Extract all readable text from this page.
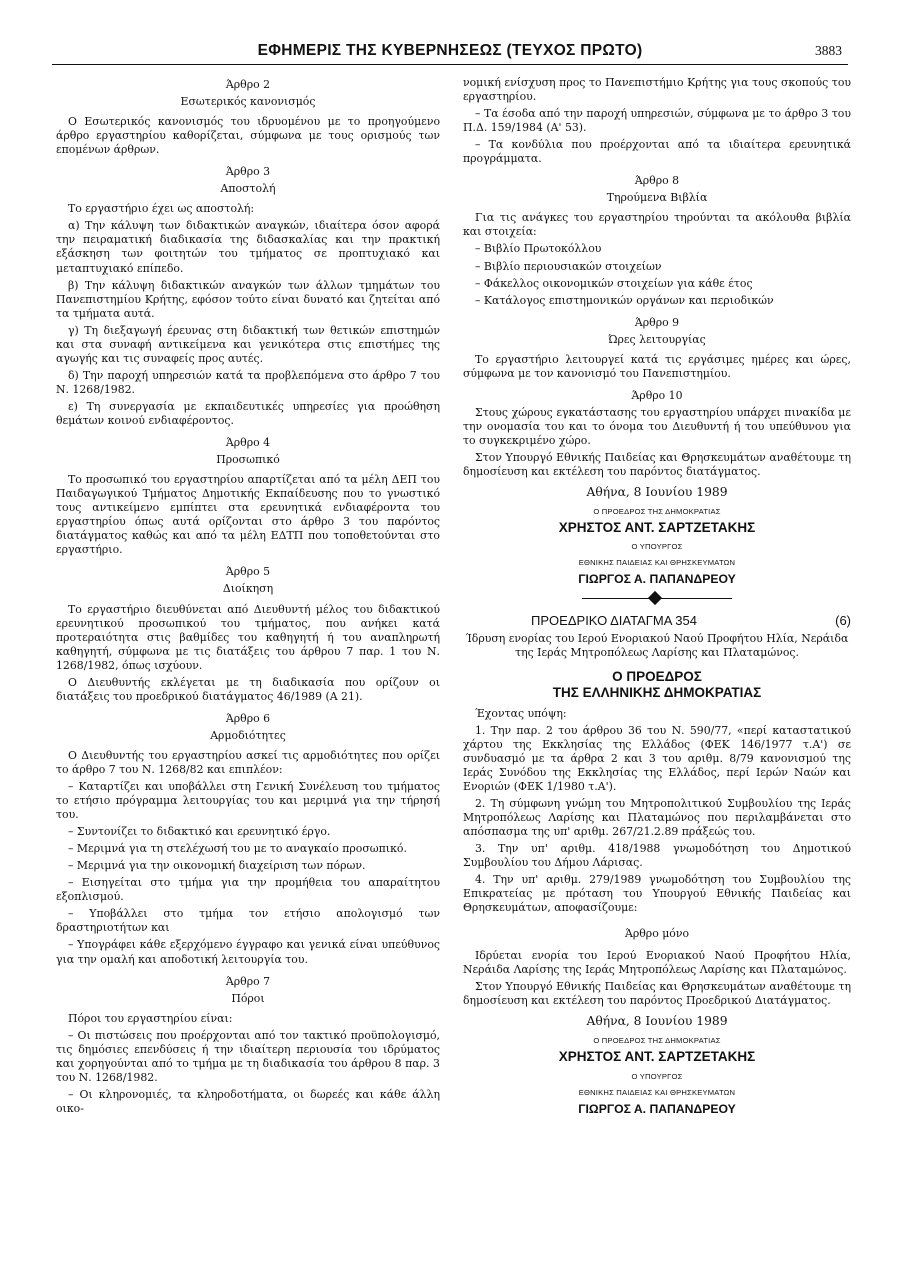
ΕΦΗΜΕΡΙΣ ΤΗΣ ΚΥΒΕΡΝΗΣΕΩΣ (ΤΕΥΧΟΣ ΠΡΩΤΟ)	3883
Άρθρο 2
Εσωτερικός κανονισμός

Ο Εσωτερικός κανονισμός του ιδρυομένου με το προηγούμενο άρθρο εργαστηρίου καθορίζεται, σύμφωνα με τους ορισμούς των επομένων άρθρων.

Άρθρο 3
Αποστολή

Το εργαστήριο έχει ως αποστολή:

α) Την κάλυψη των διδακτικών αναγκών, ιδιαίτερα όσον αφορά την πειραματική διαδικασία της διδασκαλίας και την πρακτική εξάσκηση των φοιτητών του τμήματος σε προπτυχιακό και μεταπτυχιακό επίπεδο.

β) Την κάλυψη διδακτικών αναγκών των άλλων τμημάτων του Πανεπιστημίου Κρήτης, εφόσον τούτο είναι δυνατό και ζητείται από τα τμήματα αυτά.

γ) Τη διεξαγωγή έρευνας στη διδακτική των θετικών επιστημών και στα συναφή αντικείμενα και γενικότερα στις επιστήμες της αγωγής και τις συναφείς προς αυτές.

δ) Την παροχή υπηρεσιών κατά τα προβλεπόμενα στο άρθρο 7 του Ν. 1268/1982.

ε) Τη συνεργασία με εκπαιδευτικές υπηρεσίες για προώθηση θεμάτων κοινού ενδιαφέροντος.

Άρθρο 4
Προσωπικό

Το προσωπικό του εργαστηρίου απαρτίζεται από τα μέλη ΔΕΠ του Παιδαγωγικού Τμήματος Δημοτικής Εκπαίδευσης που το γνωστικό τους αντικείμενο εμπίπτει στα ερευνητικά ενδιαφέροντα του εργαστηρίου όπως αυτά ορίζονται στο άρθρο 3 του παρόντος διατάγματος καθώς και από τα μέλη ΕΔΤΠ που τοποθετούνται στο εργαστήριο.

Άρθρο 5
Διοίκηση

Το εργαστήριο διευθύνεται από Διευθυντή μέλος του διδακτικού ερευνητικού προσωπικού του τμήματος, που ανήκει κατά προτεραιότητα στις βαθμίδες του καθηγητή ή του αναπληρωτή καθηγητή, σύμφωνα με τις διατάξεις του άρθρου 7 παρ. 1 του Ν. 1268/1982, όπως ισχύουν.

Ο Διευθυντής εκλέγεται με τη διαδικασία που ορίζουν οι διατάξεις του προεδρικού διατάγματος 46/1989 (Α 21).

Άρθρο 6
Αρμοδιότητες

Ο Διευθυντής του εργαστηρίου ασκεί τις αρμοδιότητες που ορίζει το άρθρο 7 του Ν. 1268/82 και επιπλέον:

– Καταρτίζει και υποβάλλει στη Γενική Συνέλευση του τμήματος το ετήσιο πρόγραμμα λειτουργίας του και μεριμνά για την τήρησή του.

– Συντονίζει το διδακτικό και ερευνητικό έργο.

– Μεριμνά για τη στελέχωσή του με το αναγκαίο προσωπικό.

– Μεριμνά για την οικονομική διαχείριση των πόρων.

– Εισηγείται στο τμήμα για την προμήθεια του απαραίτητου εξοπλισμού.

– Υποβάλλει στο τμήμα τον ετήσιο απολογισμό των δραστηριοτήτων και

– Υπογράφει κάθε εξερχόμενο έγγραφο και γενικά είναι υπεύθυνος για την ομαλή και αποδοτική λειτουργία του.

Άρθρο 7
Πόροι

Πόροι του εργαστηρίου είναι:

– Οι πιστώσεις που προέρχονται από τον τακτικό προϋπολογισμό, τις δημόσιες επενδύσεις ή την ιδιαίτερη περιουσία του ιδρύματος και χορηγούνται από το τμήμα με τη διαδικασία του άρθρου 8 παρ. 3 του Ν. 1268/1982.

– Οι κληρονομιές, τα κληροδοτήματα, οι δωρεές και κάθε άλλη οικο-

νομική ενίσχυση προς το Πανεπιστήμιο Κρήτης για τους σκοπούς του εργαστηρίου.

– Τα έσοδα από την παροχή υπηρεσιών, σύμφωνα με το άρθρο 3 του Π.Δ. 159/1984 (Α' 53).

– Τα κονδύλια που προέρχονται από τα ιδιαίτερα ερευνητικά προγράμματα.

Άρθρο 8
Τηρούμενα Βιβλία

Για τις ανάγκες του εργαστηρίου τηρούνται τα ακόλουθα βιβλία και στοιχεία:

– Βιβλίο Πρωτοκόλλου

– Βιβλίο περιουσιακών στοιχείων

– Φάκελλος οικονομικών στοιχείων για κάθε έτος

– Κατάλογος επιστημονικών οργάνων και περιοδικών

Άρθρο 9
Ώρες λειτουργίας

Το εργαστήριο λειτουργεί κατά τις εργάσιμες ημέρες και ώρες, σύμφωνα με τον κανονισμό του Πανεπιστημίου.

Άρθρο 10

Στους χώρους εγκατάστασης του εργαστηρίου υπάρχει πινακίδα με την ονομασία του και το όνομα του Διευθυντή ή του υπεύθυνου για το συγκεκριμένο χώρο.

Στον Υπουργό Εθνικής Παιδείας και Θρησκευμάτων αναθέτουμε τη δημοσίευση και εκτέλεση του παρόντος διατάγματος.

Αθήνα, 8 Ιουνίου 1989
Ο ΠΡΟΕΔΡΟΣ ΤΗΣ ΔΗΜΟΚΡΑΤΙΑΣ
ΧΡΗΣΤΟΣ ΑΝΤ. ΣΑΡΤΖΕΤΑΚΗΣ
Ο ΥΠΟΥΡΓΟΣ
ΕΘΝΙΚΗΣ ΠΑΙΔΕΙΑΣ ΚΑΙ ΘΡΗΣΚΕΥΜΑΤΩΝ
ΓΙΩΡΓΟΣ Α. ΠΑΠΑΝΔΡΕΟΥ
ΠΡΟΕΔΡΙΚΟ ΔΙΑΤΑΓΜΑ 354	(6)
Ίδρυση ενορίας του Ιερού Ενοριακού Ναού Προφήτου Ηλία, Νεράιδα της Ιεράς Μητροπόλεως Λαρίσης και Πλαταμώνος.
Ο ΠΡΟΕΔΡΟΣ
ΤΗΣ ΕΛΛΗΝΙΚΗΣ ΔΗΜΟΚΡΑΤΙΑΣ

Έχοντας υπόψη:

1. Την παρ. 2 του άρθρου 36 του Ν. 590/77, «περί καταστατικού χάρτου της Εκκλησίας της Ελλάδος (ΦΕΚ 146/1977 τ.Α') σε συνδυασμό με τα άρθρα 2 και 3 του αριθμ. 8/79 κανονισμού της Ιεράς Συνόδου της Εκκλησίας της Ελλάδος, περί Ιερών Ναών και Ενοριών (ΦΕΚ 1/1980 τ.Α').

2. Τη σύμφωνη γνώμη του Μητροπολιτικού Συμβουλίου της Ιεράς Μητροπόλεως Λαρίσης και Πλαταμώνος που περιλαμβάνεται στο απόσπασμα της υπ' αριθμ. 267/21.2.89 πράξεώς του.

3. Την υπ' αριθμ. 418/1988 γνωμοδότηση του Δημοτικού Συμβουλίου του Δήμου Λάρισας.

4. Την υπ' αριθμ. 279/1989 γνωμοδότηση του Συμβουλίου της Επικρατείας με πρόταση του Υπουργού Εθνικής Παιδείας και Θρησκευμάτων, αποφασίζουμε:

Άρθρο μόνο

Ιδρύεται ενορία του Ιερού Ενοριακού Ναού Προφήτου Ηλία, Νεράιδα Λαρίσης της Ιεράς Μητροπόλεως Λαρίσης και Πλαταμώνος.

Στον Υπουργό Εθνικής Παιδείας και Θρησκευμάτων αναθέτουμε τη δημοσίευση και εκτέλεση του παρόντος Προεδρικού Διατάγματος.

Αθήνα, 8 Ιουνίου 1989
Ο ΠΡΟΕΔΡΟΣ ΤΗΣ ΔΗΜΟΚΡΑΤΙΑΣ
ΧΡΗΣΤΟΣ ΑΝΤ. ΣΑΡΤΖΕΤΑΚΗΣ
Ο ΥΠΟΥΡΓΟΣ
ΕΘΝΙΚΗΣ ΠΑΙΔΕΙΑΣ ΚΑΙ ΘΡΗΣΚΕΥΜΑΤΩΝ
ΓΙΩΡΓΟΣ Α. ΠΑΠΑΝΔΡΕΟΥ
